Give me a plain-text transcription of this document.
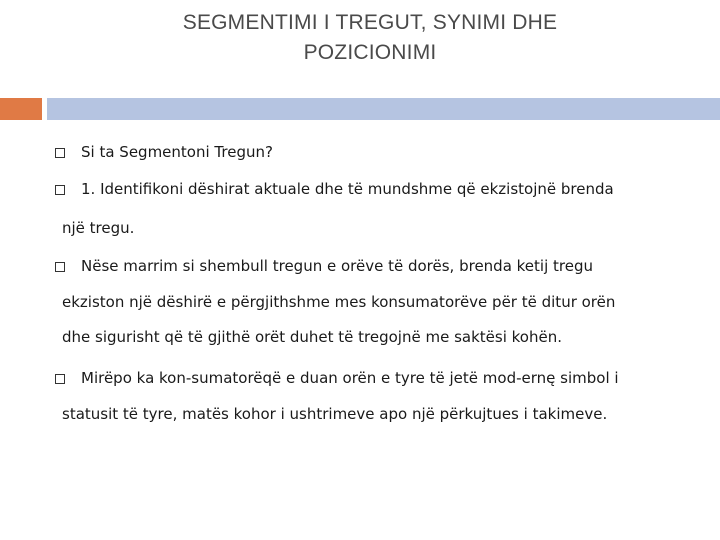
SEGMENTIMI I TREGUT, SYNIMI DHE
POZICIONIMI
Si ta Segmentoni Tregun?
1. Identifikoni dëshirat aktuale dhe të mundshme që ekzistojnë brenda
një tregu.
Nëse marrim si shembull tregun e orëve të dorës, brenda ketij tregu
ekziston një dëshirë e përgjithshme mes konsumatorëve për të ditur orën
dhe sigurisht që të gjithë orët duhet të tregojnë me saktësi kohën.
Mirëpo ka kon-sumatorëqë e duan orën e tyre të jetë mod-ernę simbol i
statusit të tyre, matës kohor i ushtrimeve apo një përkujtues i takimeve.
